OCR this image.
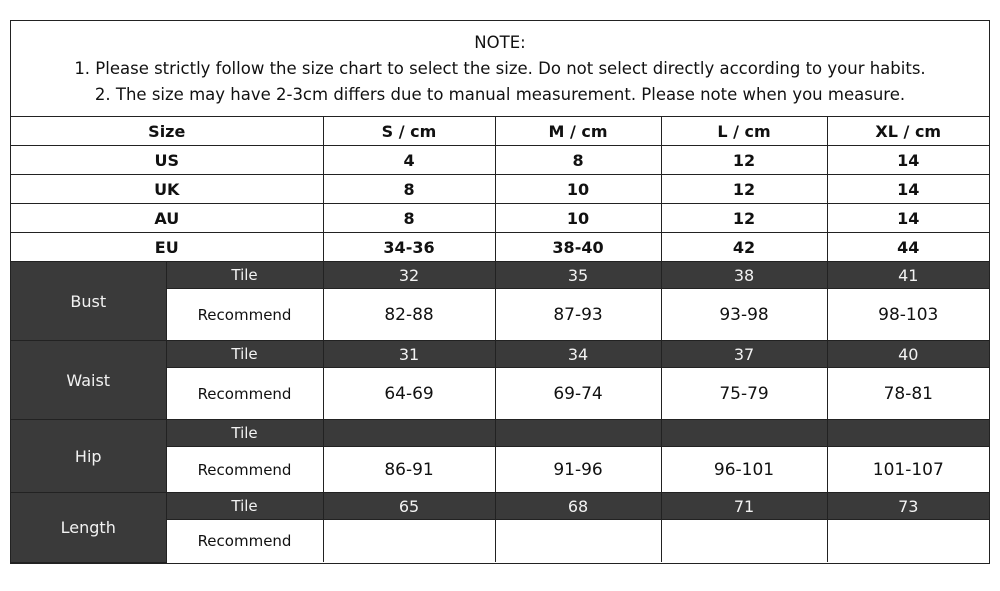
NOTE:
1. Please strictly follow the size chart to select the size. Do not select directly according to your habits.
2. The size may have 2-3cm differs due to manual measurement. Please note when you measure.
Size		S / cm	M / cm	L / cm	XL / cm
US		4	8	12	14
UK		8	10	12	14
AU		8	10	12	14
EU		34-36	38-40	42	44
Bust	Tile	32	35	38	41
	Recommend	82-88	87-93	93-98	98-103
Waist	Tile	31	34	37	40
	Recommend	64-69	69-74	75-79	78-81
Hip	Tile				
	Recommend	86-91	91-96	96-101	101-107
Length	Tile	65	68	71	73
	Recommend				
